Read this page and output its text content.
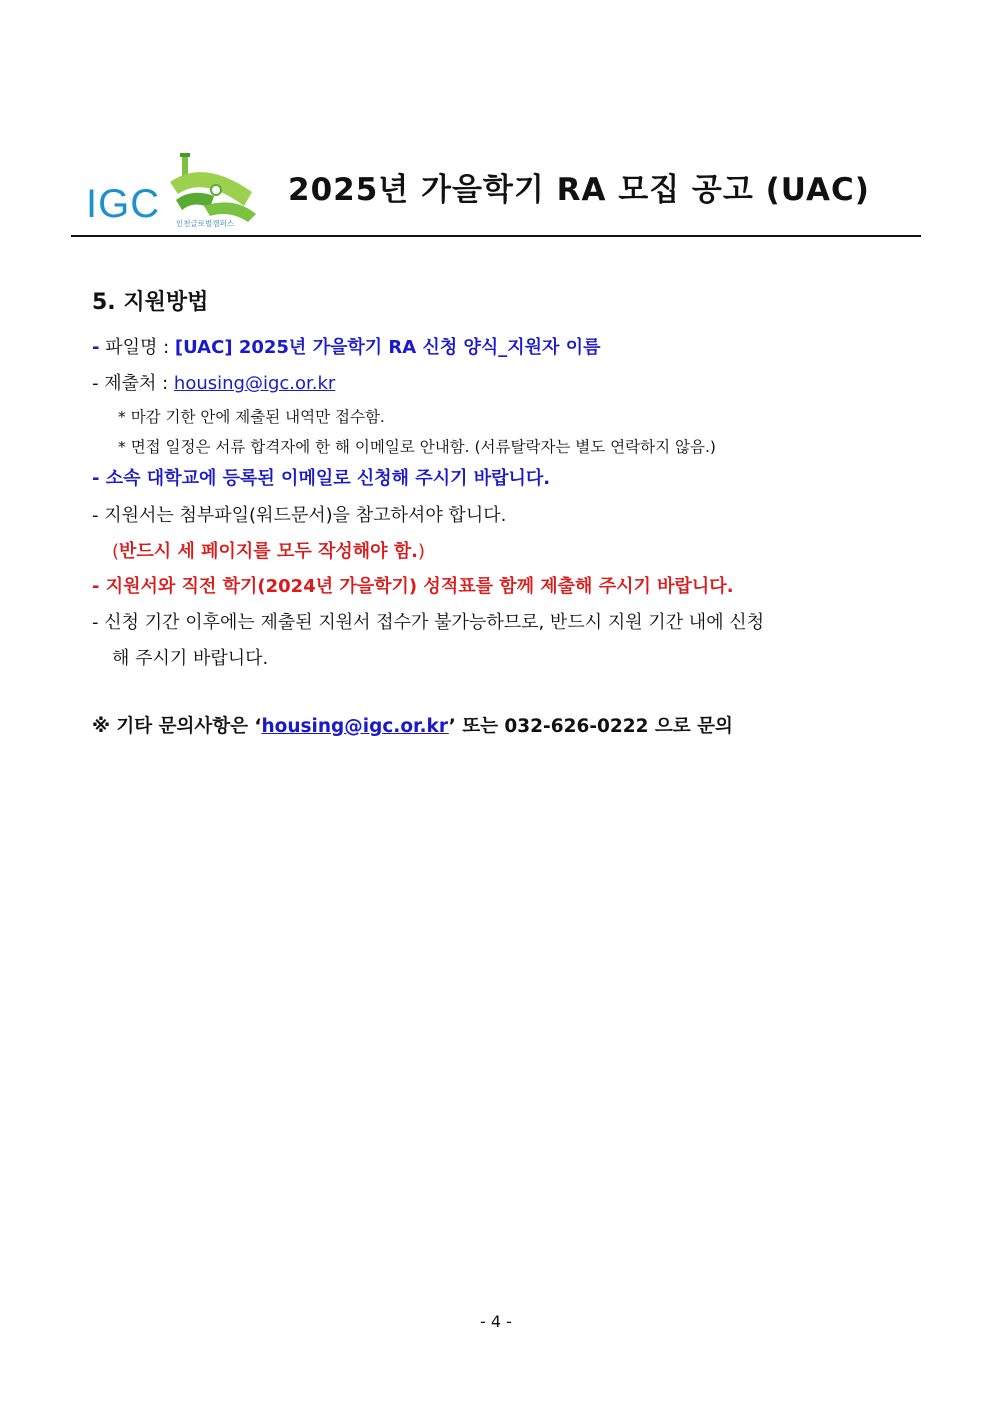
IGC 인천글로벌캠퍼스
2025년 가을학기 RA 모집 공고 (UAC)
5. 지원방법
- 파일명 : [UAC] 2025년 가을학기 RA 신청 양식_지원자 이름
- 제출처 : housing@igc.or.kr
* 마감 기한 안에 제출된 내역만 접수함.
* 면접 일정은 서류 합격자에 한 해 이메일로 안내함. (서류탈락자는 별도 연락하지 않음.)
- 소속 대학교에 등록된 이메일로 신청해 주시기 바랍니다.
- 지원서는 첨부파일(워드문서)을 참고하셔야 합니다.
(반드시 세 페이지를 모두 작성해야 함.)
- 지원서와 직전 학기(2024년 가을학기) 성적표를 함께 제출해 주시기 바랍니다.
- 신청 기간 이후에는 제출된 지원서 접수가 불가능하므로, 반드시 지원 기간 내에 신청
해 주시기 바랍니다.
※ 기타 문의사항은 ‘housing@igc.or.kr’ 또는 032-626-0222 으로 문의
- 4 -
